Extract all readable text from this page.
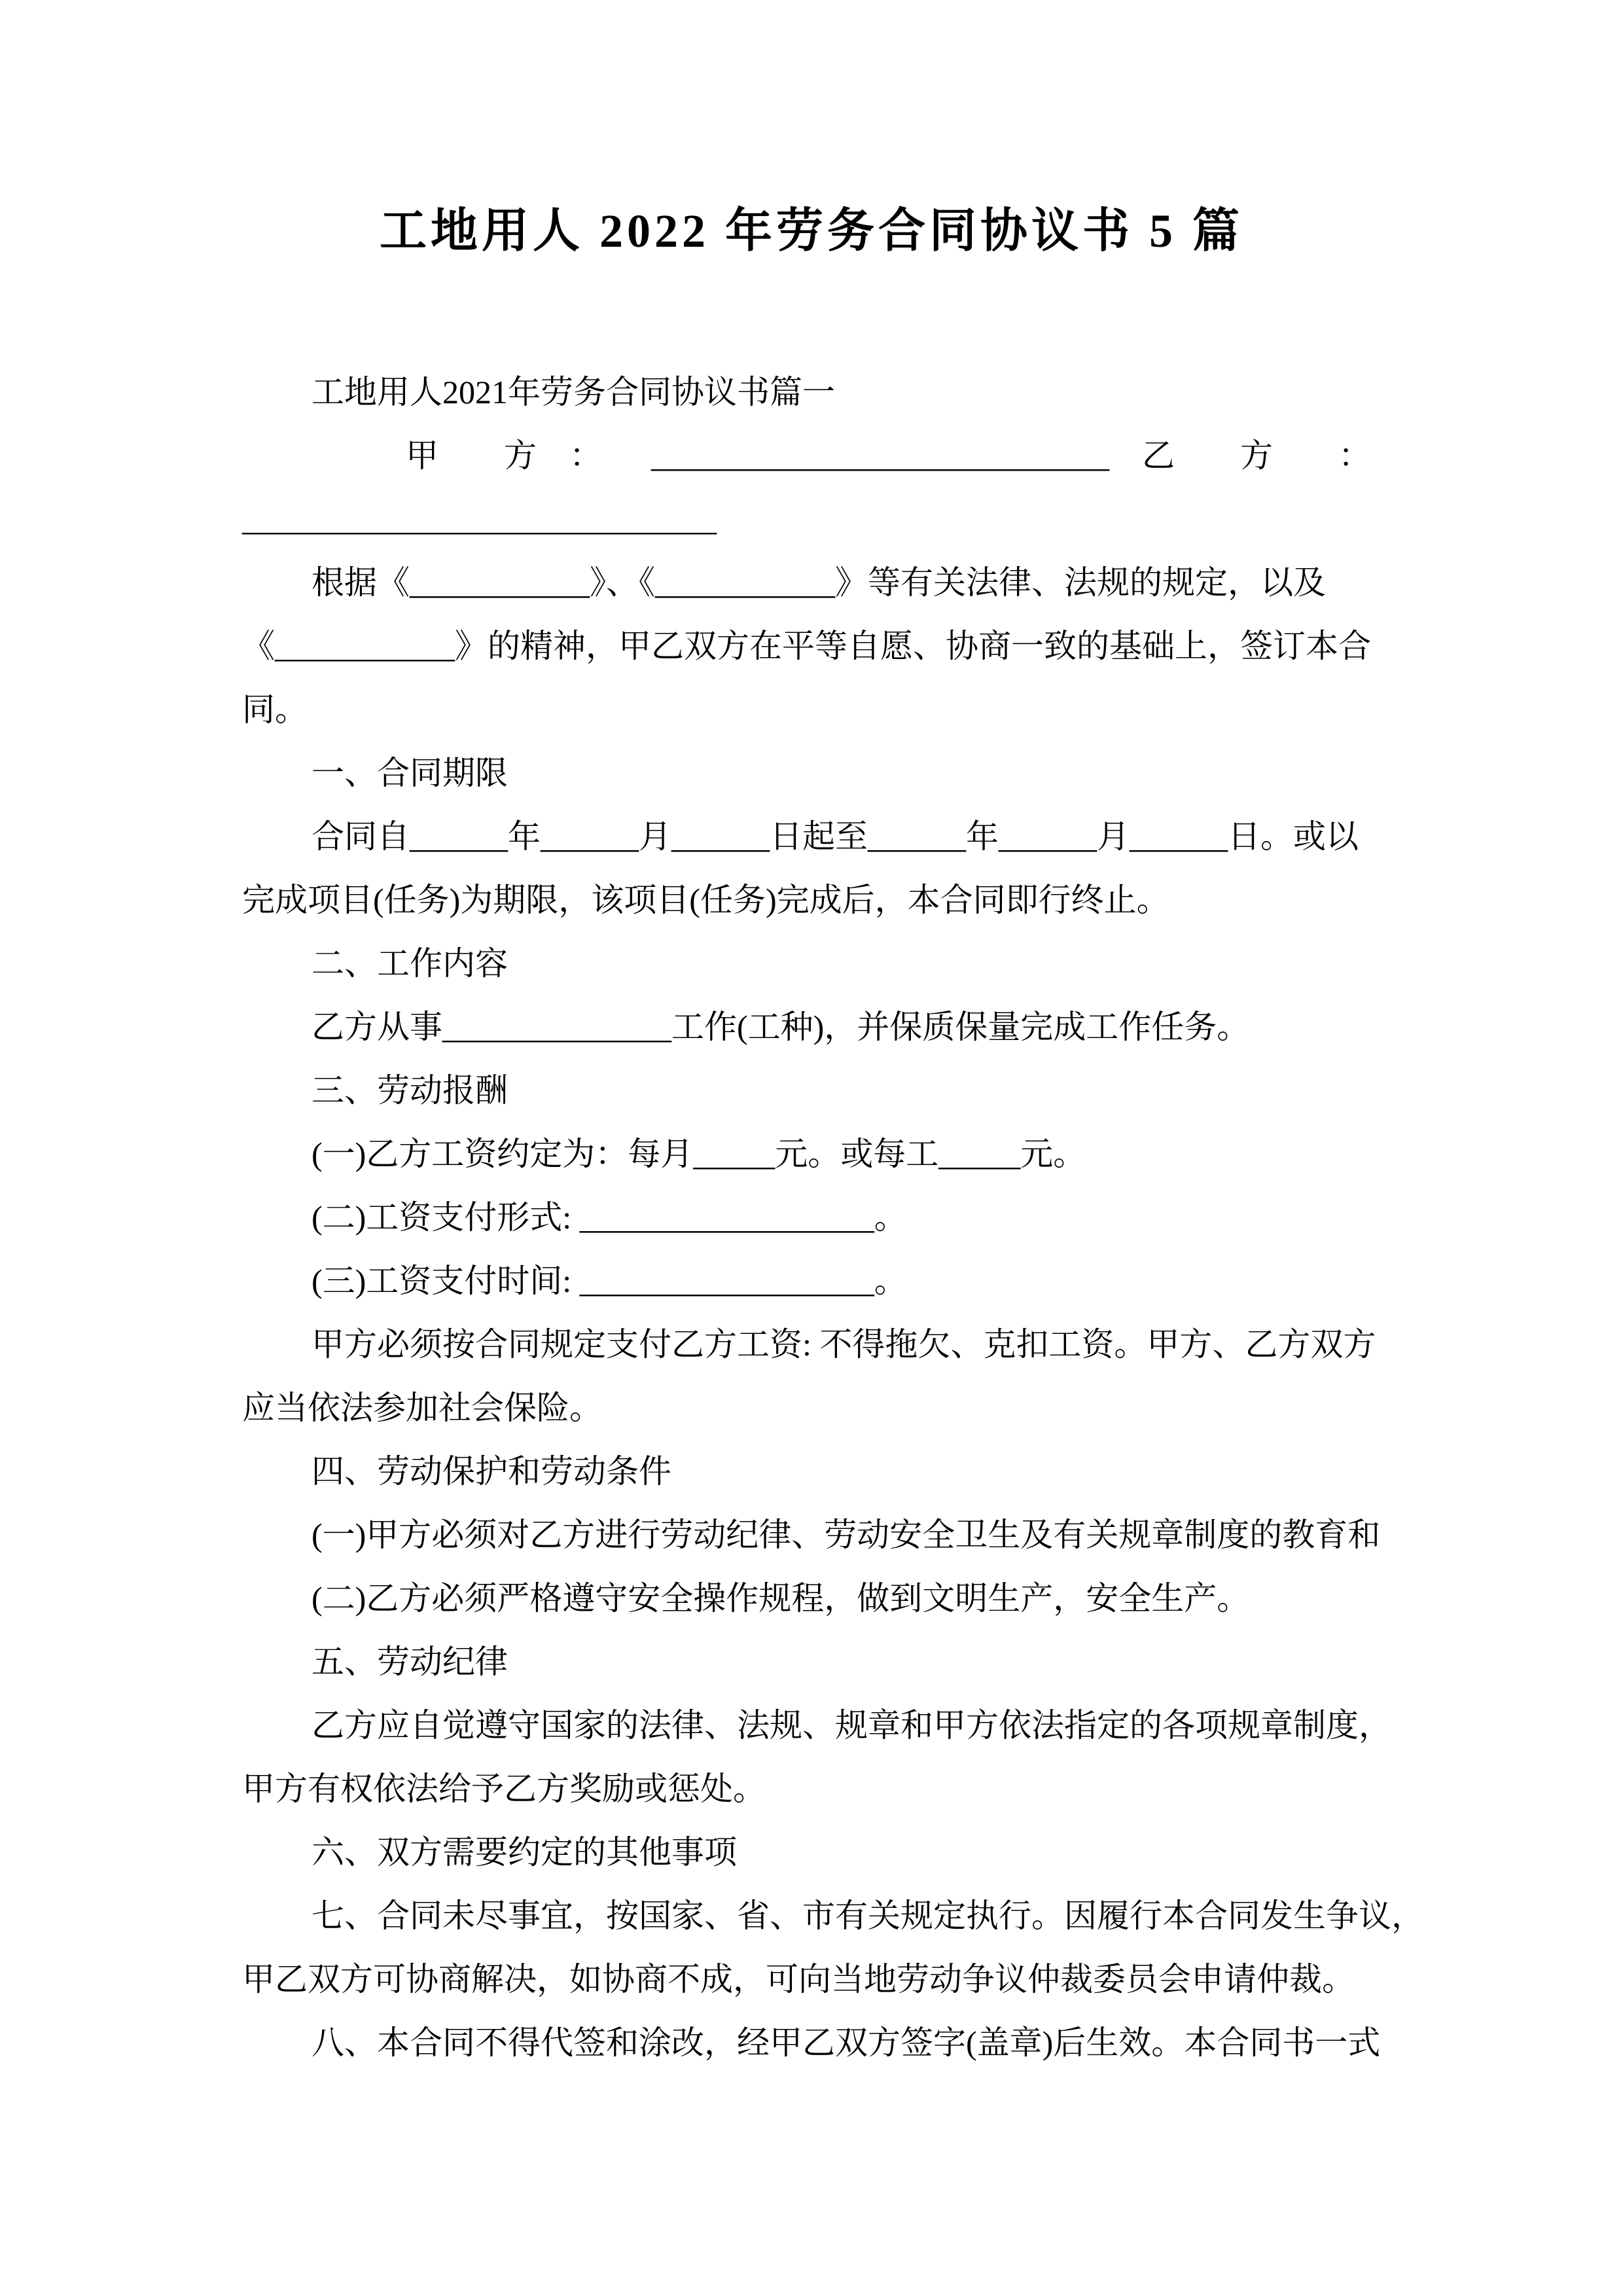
工地用人 2022 年劳务合同协议书 5 篇
工地用人2021年劳务合同协议书篇一
　　　　　甲　　方　：　　____________________________　乙　　方　　：
_____________________________
根据《___________》、《___________》等有关法律、法规的规定，以及
《___________》的精神，甲乙双方在平等自愿、协商一致的基础上，签订本合
同。
一、合同期限
合同自______年______月______日起至______年______月______日。或以
完成项目(任务)为期限，该项目(任务)完成后，本合同即行终止。
二、工作内容
乙方从事______________工作(工种)，并保质保量完成工作任务。
三、劳动报酬
(一)乙方工资约定为：每月_____元。或每工_____元。
(二)工资支付形式: __________________。
(三)工资支付时间: __________________。
甲方必须按合同规定支付乙方工资: 不得拖欠、克扣工资。甲方、乙方双方
应当依法参加社会保险。
四、劳动保护和劳动条件
(一)甲方必须对乙方进行劳动纪律、劳动安全卫生及有关规章制度的教育和
(二)乙方必须严格遵守安全操作规程，做到文明生产，安全生产。
五、劳动纪律
乙方应自觉遵守国家的法律、法规、规章和甲方依法指定的各项规章制度，
甲方有权依法给予乙方奖励或惩处。
六、双方需要约定的其他事项
七、合同未尽事宜，按国家、省、市有关规定执行。因履行本合同发生争议，
甲乙双方可协商解决，如协商不成，可向当地劳动争议仲裁委员会申请仲裁。
八、本合同不得代签和涂改，经甲乙双方签字(盖章)后生效。本合同书一式
